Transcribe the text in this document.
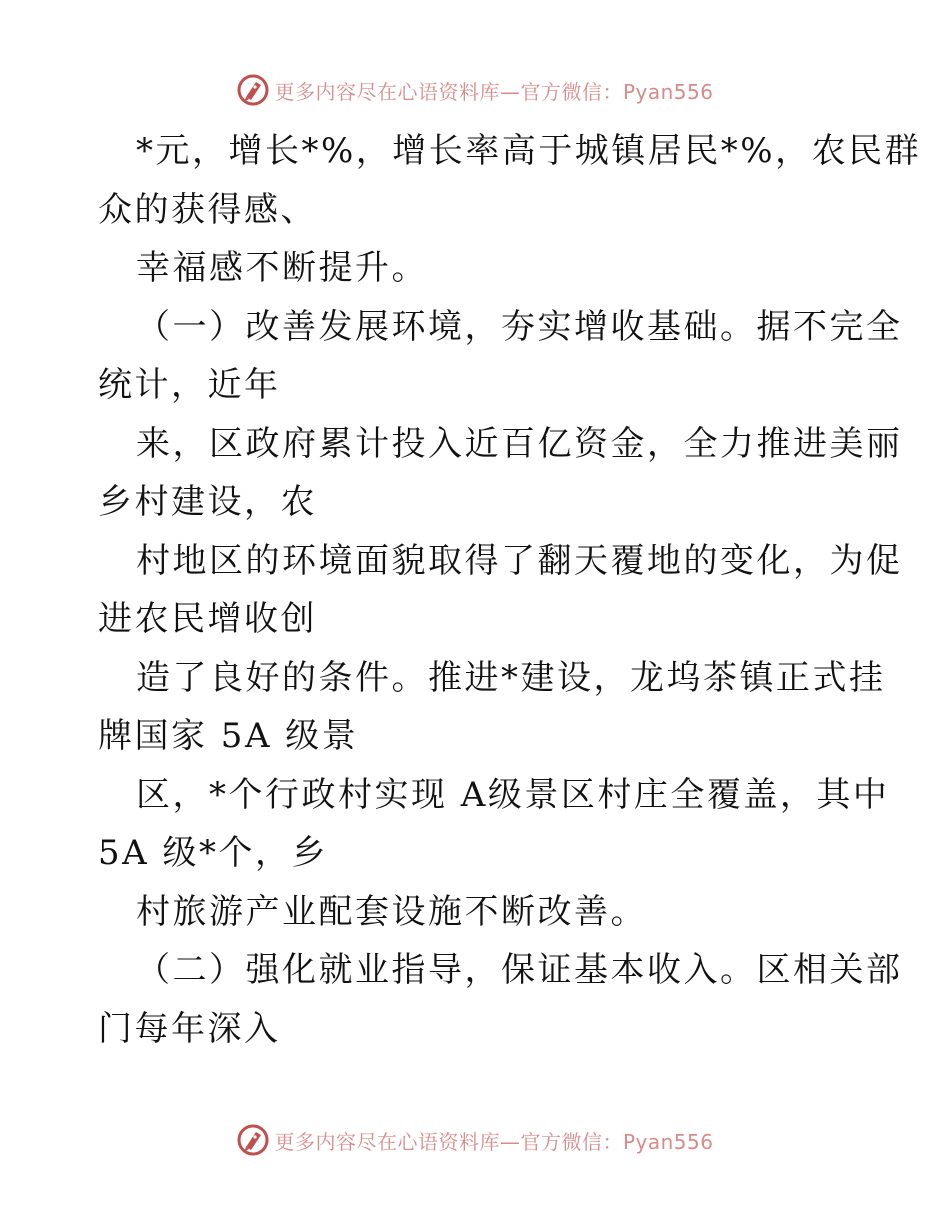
更多内容尽在心语资料库—官方微信：Pyan556
*元，增长*%，增长率高于城镇居民*%，农民群
众的获得感、
幸福感不断提升。
（一）改善发展环境，夯实增收基础。据不完全
统计，近年
来，区政府累计投入近百亿资金，全力推进美丽
乡村建设，农
村地区的环境面貌取得了翻天覆地的变化，为促
进农民增收创
造了良好的条件。推进*建设，龙坞茶镇正式挂
牌国家 5A 级景
区，*个行政村实现 A级景区村庄全覆盖，其中
5A 级*个，乡
村旅游产业配套设施不断改善。
（二）强化就业指导，保证基本收入。区相关部
门每年深入
更多内容尽在心语资料库—官方微信：Pyan556
